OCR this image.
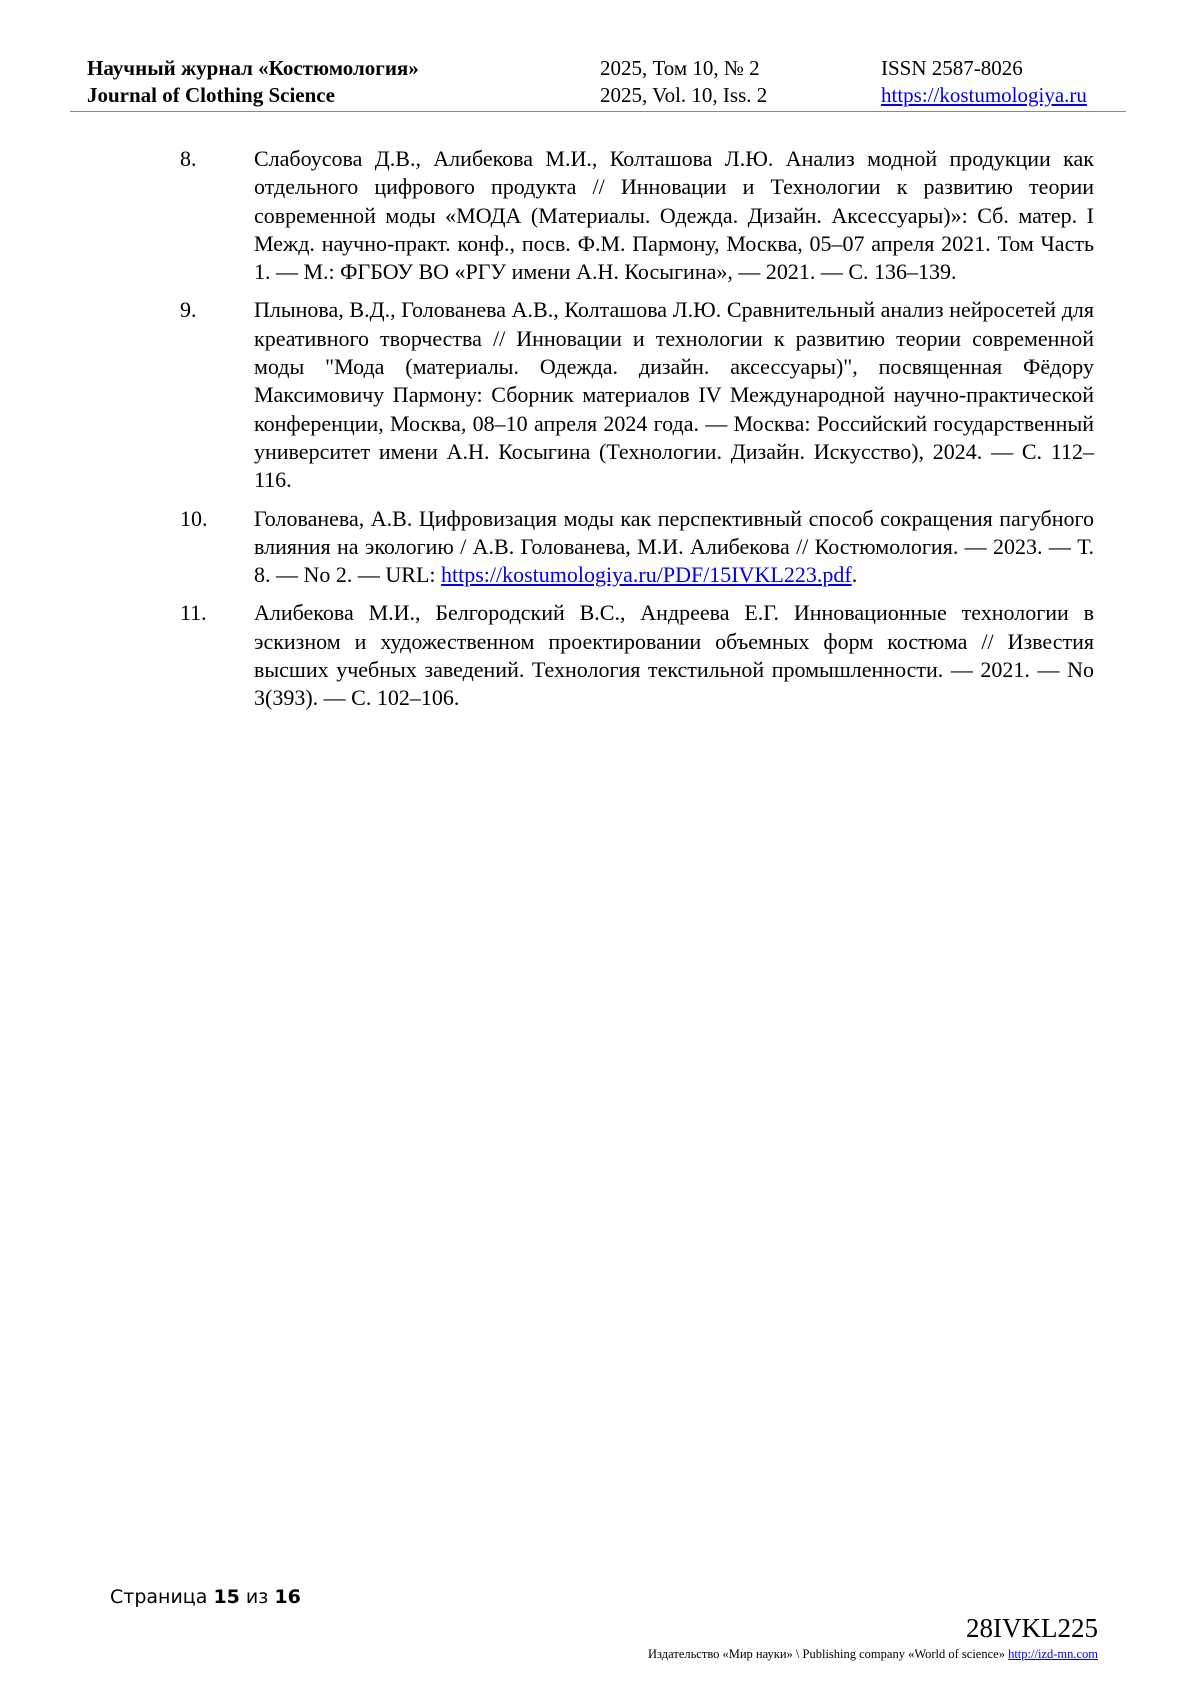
Научный журнал «Костюмология»
Journal of Clothing Science
2025, Том 10, № 2
2025, Vol. 10, Iss. 2
ISSN 2587-8026
https://kostumologiya.ru
8.	Слабоусова Д.В., Алибекова М.И., Колташова Л.Ю. Анализ модной продукции как отдельного цифрового продукта // Инновации и Технологии к развитию теории современной моды «МОДА (Материалы. Одежда. Дизайн. Аксессуары)»: Сб. матер. I Межд. научно-практ. конф., посв. Ф.М. Пармону, Москва, 05–07 апреля 2021. Том Часть 1. — М.: ФГБОУ ВО «РГУ имени А.Н. Косыгина», — 2021. — С. 136–139.
9.	Плынова, В.Д., Голованева А.В., Колташова Л.Ю. Сравнительный анализ нейросетей для креативного творчества // Инновации и технологии к развитию теории современной моды "Мода (материалы. Одежда. дизайн. аксессуары)", посвященная Фёдору Максимовичу Пармону: Сборник материалов IV Международной научно-практической конференции, Москва, 08–10 апреля 2024 года. — Москва: Российский государственный университет имени А.Н. Косыгина (Технологии. Дизайн. Искусство), 2024. — С. 112–116.
10. Голованева, А.В. Цифровизация моды как перспективный способ сокращения пагубного влияния на экологию / А.В. Голованева, М.И. Алибекова // Костюмология. — 2023. — Т. 8. — No 2. — URL: https://kostumologiya.ru/PDF/15IVKL223.pdf.
11. Алибекова М.И., Белгородский В.С., Андреева Е.Г. Инновационные технологии в эскизном и художественном проектировании объемных форм костюма // Известия высших учебных заведений. Технология текстильной промышленности. — 2021. — No 3(393). — С. 102–106.
Страница 15 из 16
28IVKL225
Издательство «Мир науки» \ Publishing company «World of science» http://izd-mn.com
